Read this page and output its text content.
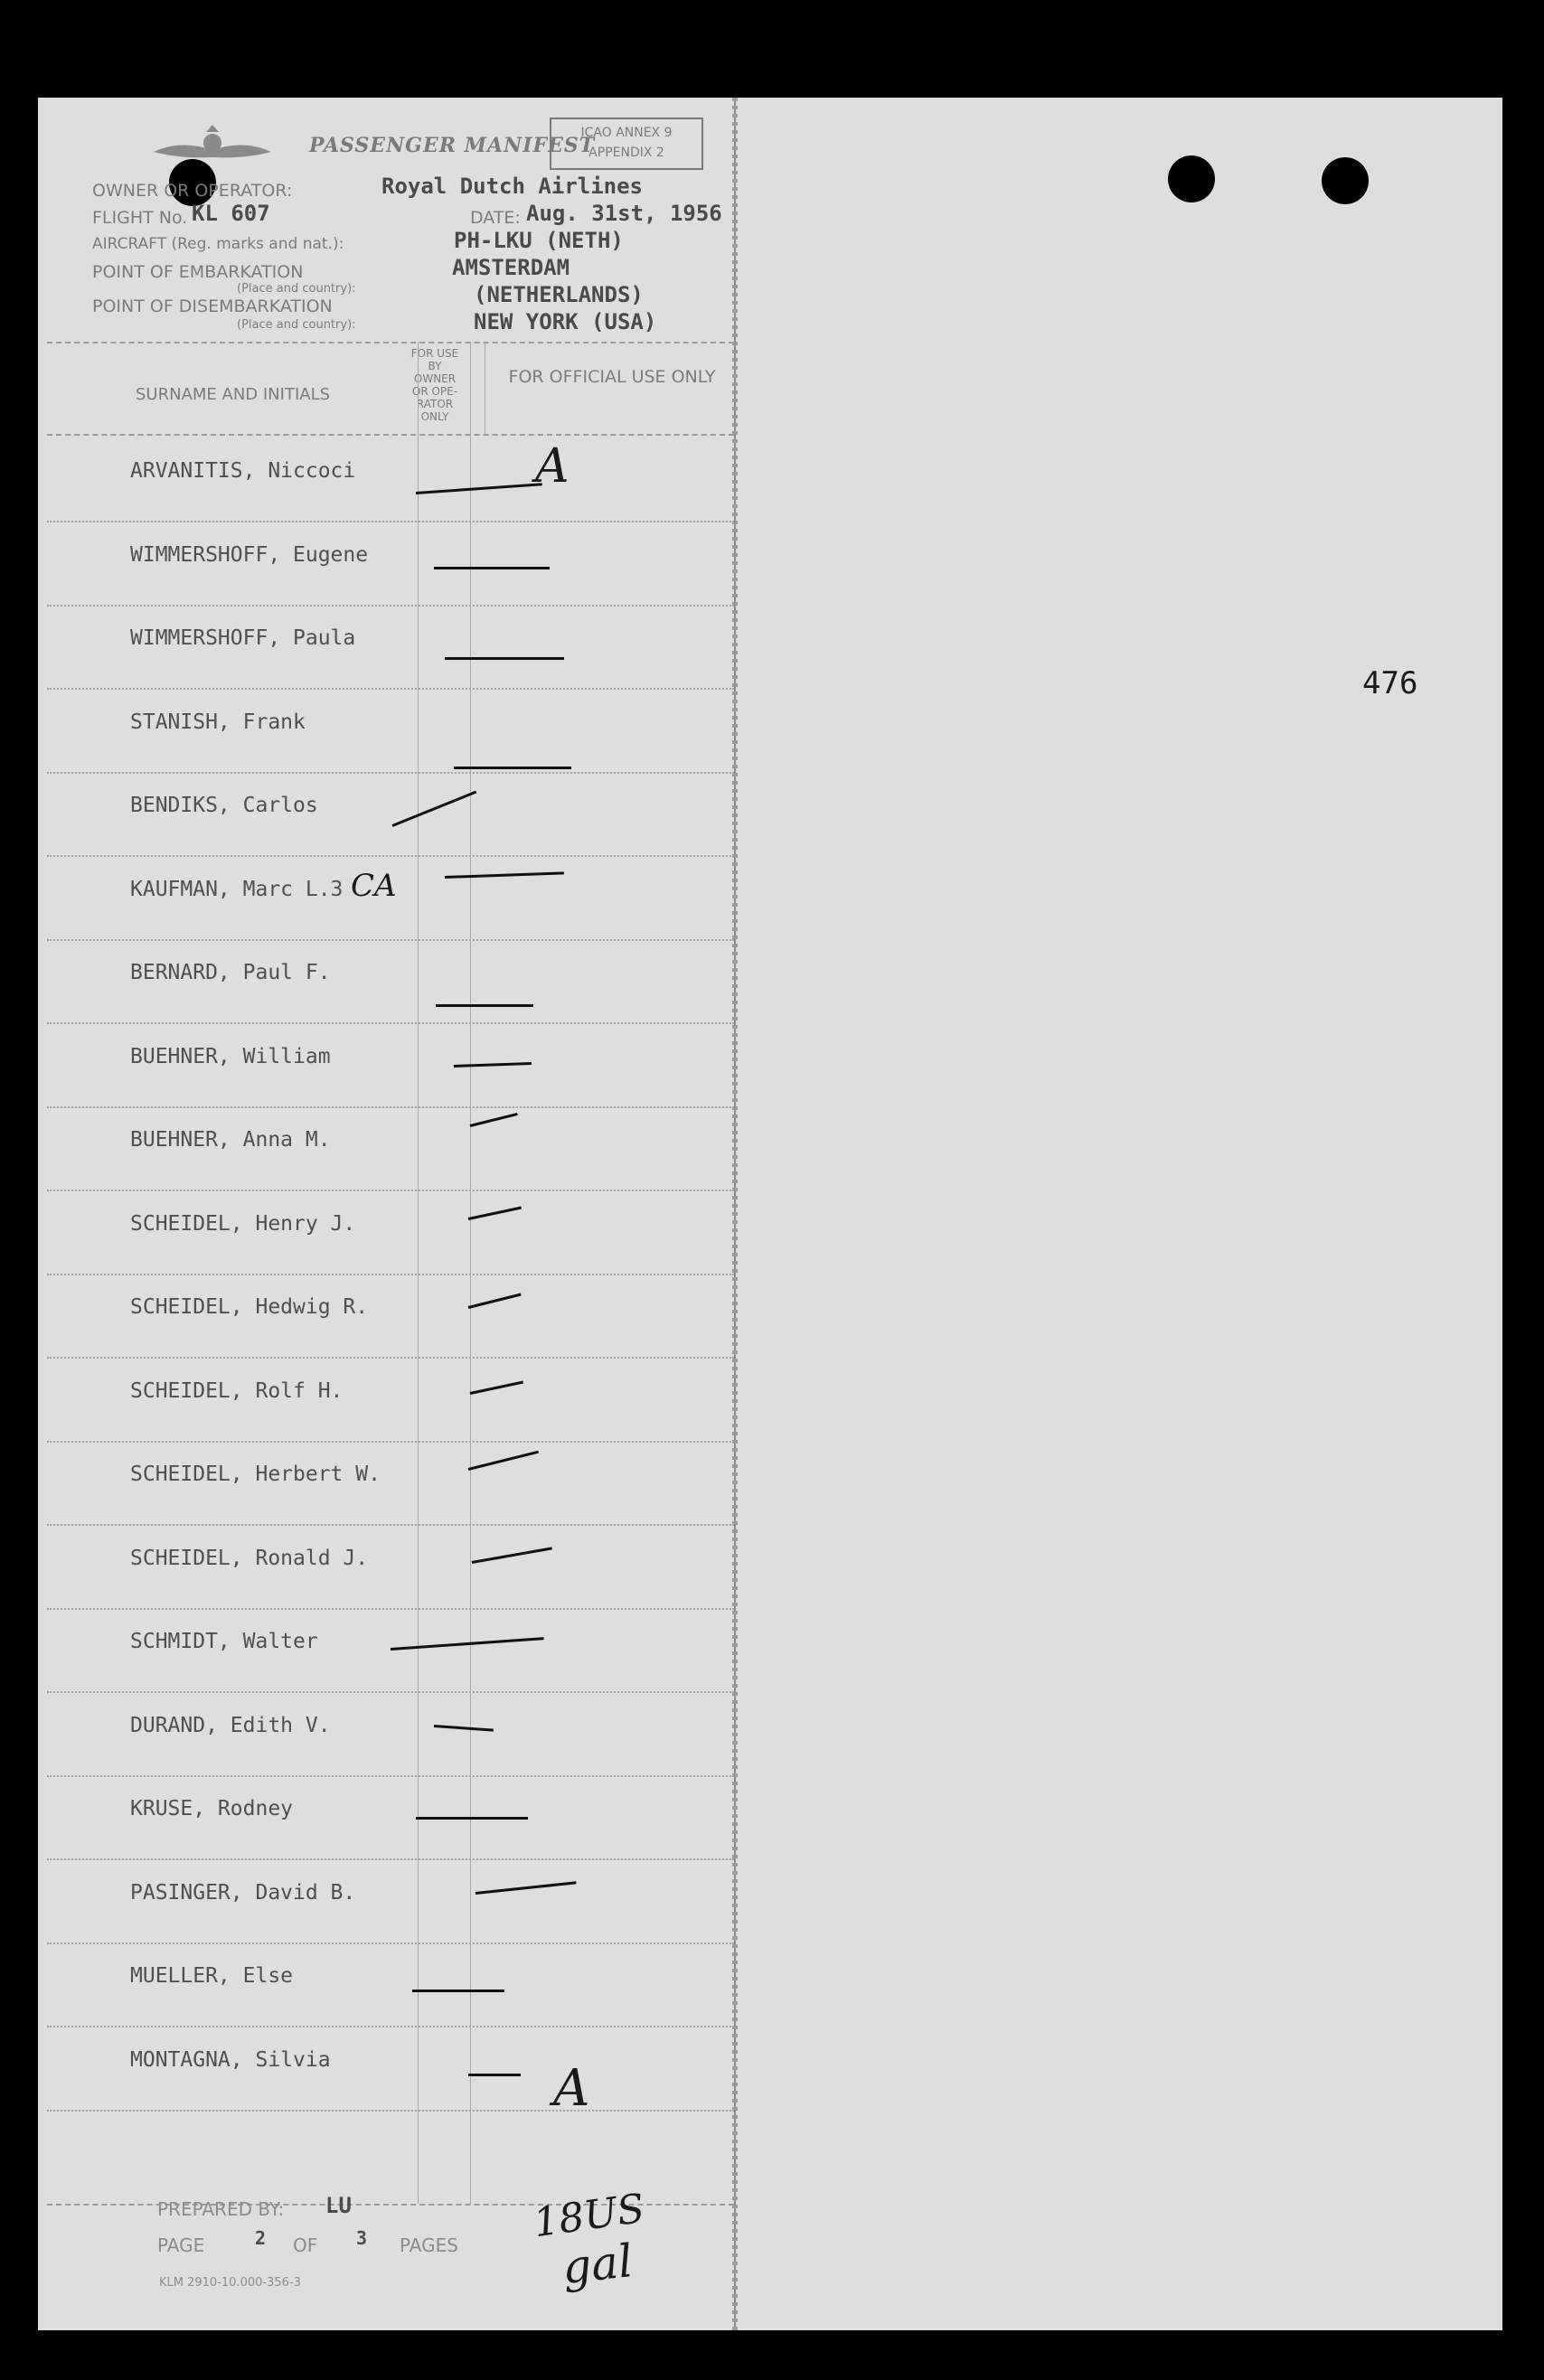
PASSENGER MANIFEST
ICAO ANNEX 9
APPENDIX 2
OWNER OR OPERATOR:	Royal Dutch Airlines
FLIGHT No. KL 607	DATE: Aug. 31st, 1956
AIRCRAFT (Reg. marks and nat.):	PH-LKU (NETH)
POINT OF EMBARKATION	AMSTERDAM
(Place and country):	(NETHERLANDS)
POINT OF DISEMBARKATION
(Place and country):	NEW YORK (USA)
SURNAME AND INITIALS
FOR USE
BY
OWNER
OR OPE-
RATOR
ONLY
FOR OFFICIAL USE ONLY
ARVANITIS, Niccoci
WIMMERSHOFF, Eugene
WIMMERSHOFF, Paula
STANISH, Frank
BENDIKS, Carlos
KAUFMAN, Marc L.3
BERNARD, Paul F.
BUEHNER, William
BUEHNER, Anna M.
SCHEIDEL, Henry J.
SCHEIDEL, Hedwig R.
SCHEIDEL, Rolf H.
SCHEIDEL, Herbert W.
SCHEIDEL, Ronald J.
SCHMIDT, Walter
DURAND, Edith V.
KRUSE, Rodney
PASINGER, David B.
MUELLER, Else
MONTAGNA, Silvia
A
CA
A
476
PREPARED BY: LU
PAGE	2 OF 3 PAGES
KLM 2910-10.000-356-3
18US
gal
